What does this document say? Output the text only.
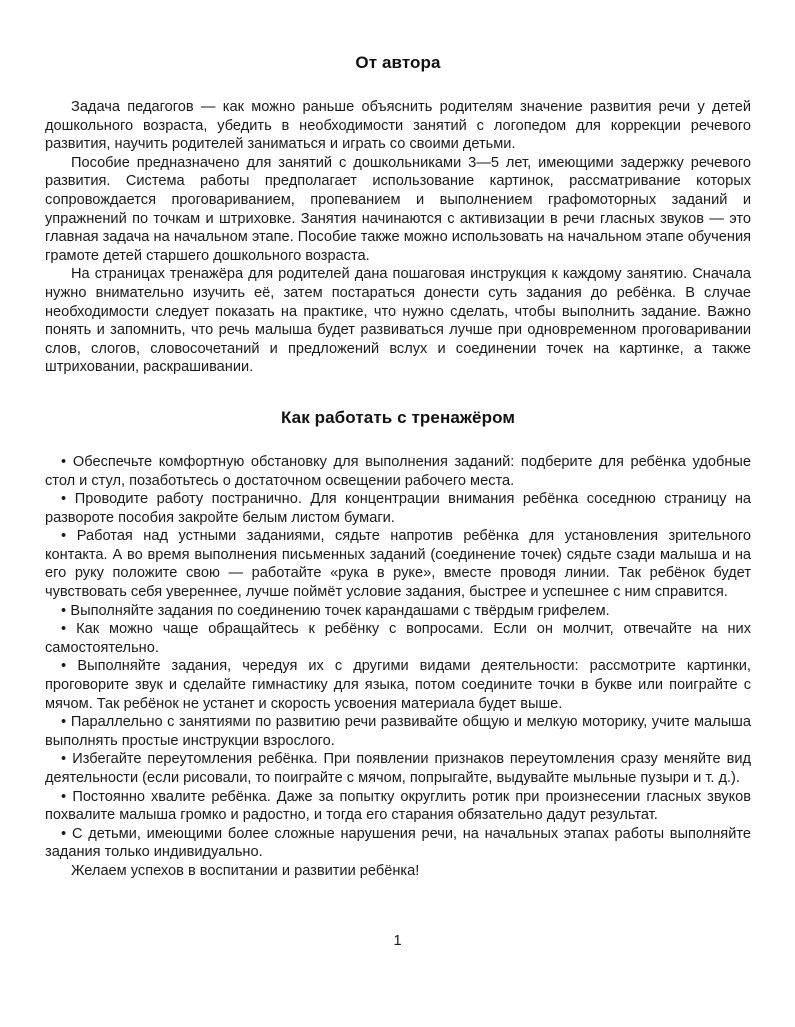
От автора

Задача педагогов — как можно раньше объяснить родителям значение развития речи у детей дошкольного возраста, убедить в необходимости занятий с логопедом для коррекции речевого развития, научить родителей заниматься и играть со своими детьми.

Пособие предназначено для занятий с дошкольниками 3—5 лет, имеющими задержку речевого развития. Система работы предполагает использование картинок, рассматривание которых сопровождается проговариванием, пропеванием и выполнением графомоторных заданий и упражнений по точкам и штриховке. Занятия начинаются с активизации в речи гласных звуков — это главная задача на начальном этапе. Пособие также можно использовать на начальном этапе обучения грамоте детей старшего дошкольного возраста.

На страницах тренажёра для родителей дана пошаговая инструкция к каждому занятию. Сначала нужно внимательно изучить её, затем постараться донести суть задания до ребёнка. В случае необходимости следует показать на практике, что нужно сделать, чтобы выполнить задание. Важно понять и запомнить, что речь малыша будет развиваться лучше при одновременном проговаривании слов, слогов, словосочетаний и предложений вслух и соединении точек на картинке, а также штриховании, раскрашивании.

Как работать с тренажёром

• Обеспечьте комфортную обстановку для выполнения заданий: подберите для ребёнка удобные стол и стул, позаботьтесь о достаточном освещении рабочего места.

• Проводите работу постранично. Для концентрации внимания ребёнка соседнюю страницу на развороте пособия закройте белым листом бумаги.

• Работая над устными заданиями, сядьте напротив ребёнка для установления зрительного контакта. А во время выполнения письменных заданий (соединение точек) сядьте сзади малыша и на его руку положите свою — работайте «рука в руке», вместе проводя линии. Так ребёнок будет чувствовать себя увереннее, лучше поймёт условие задания, быстрее и успешнее с ним справится.

• Выполняйте задания по соединению точек карандашами с твёрдым грифелем.

• Как можно чаще обращайтесь к ребёнку с вопросами. Если он молчит, отвечайте на них самостоятельно.

• Выполняйте задания, чередуя их с другими видами деятельности: рассмотрите картинки, проговорите звук и сделайте гимнастику для языка, потом соедините точки в букве или поиграйте с мячом. Так ребёнок не устанет и скорость усвоения материала будет выше.

• Параллельно с занятиями по развитию речи развивайте общую и мелкую моторику, учите малыша выполнять простые инструкции взрослого.

• Избегайте переутомления ребёнка. При появлении признаков переутомления сразу меняйте вид деятельности (если рисовали, то поиграйте с мячом, попрыгайте, выдувайте мыльные пузыри и т. д.).

• Постоянно хвалите ребёнка. Даже за попытку округлить ротик при произнесении гласных звуков похвалите малыша громко и радостно, и тогда его старания обязательно дадут результат.

• С детьми, имеющими более сложные нарушения речи, на начальных этапах работы выполняйте задания только индивидуально.

Желаем успехов в воспитании и развитии ребёнка!

1
